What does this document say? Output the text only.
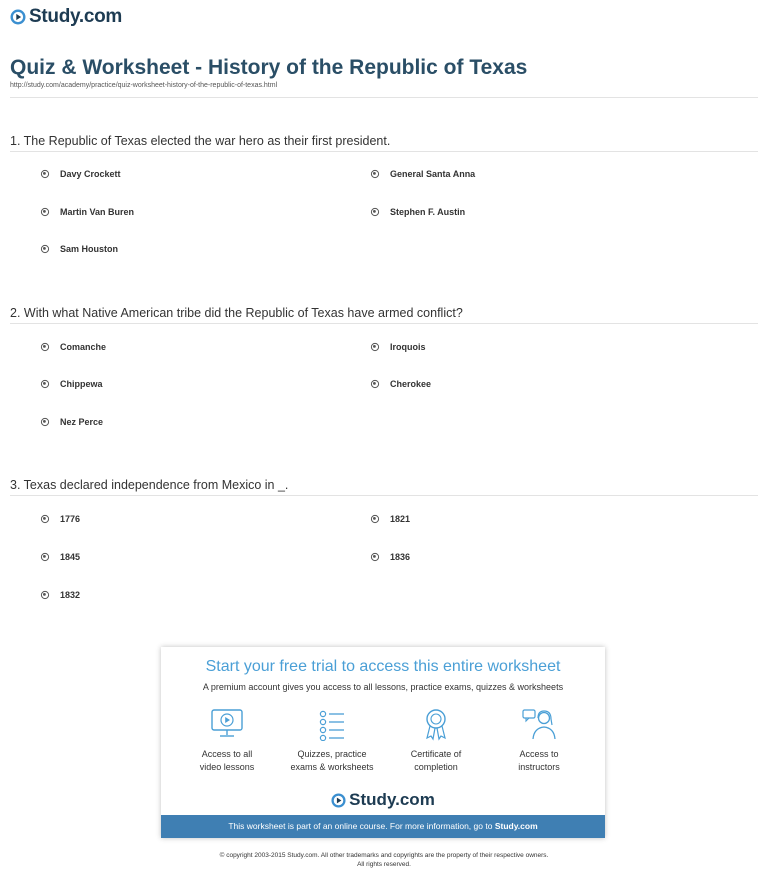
Study.com
Quiz & Worksheet - History of the Republic of Texas
http://study.com/academy/practice/quiz-worksheet-history-of-the-republic-of-texas.html
1. The Republic of Texas elected the war hero as their first president.
Davy Crockett	General Santa Anna
Martin Van Buren	Stephen F. Austin
Sam Houston
2. With what Native American tribe did the Republic of Texas have armed conflict?
Comanche	Iroquois
Chippewa	Cherokee
Nez Perce
3. Texas declared independence from Mexico in _.
1776	1821
1845	1836
1832
Start your free trial to access this entire worksheet
A premium account gives you access to all lessons, practice exams, quizzes & worksheets
Access to all
video lessons
Quizzes, practice
exams & worksheets
Certificate of
completion
Access to
instructors
Study.com
This worksheet is part of an online course. For more information, go to Study.com
© copyright 2003-2015 Study.com. All other trademarks and copyrights are the property of their respective owners.
All rights reserved.
